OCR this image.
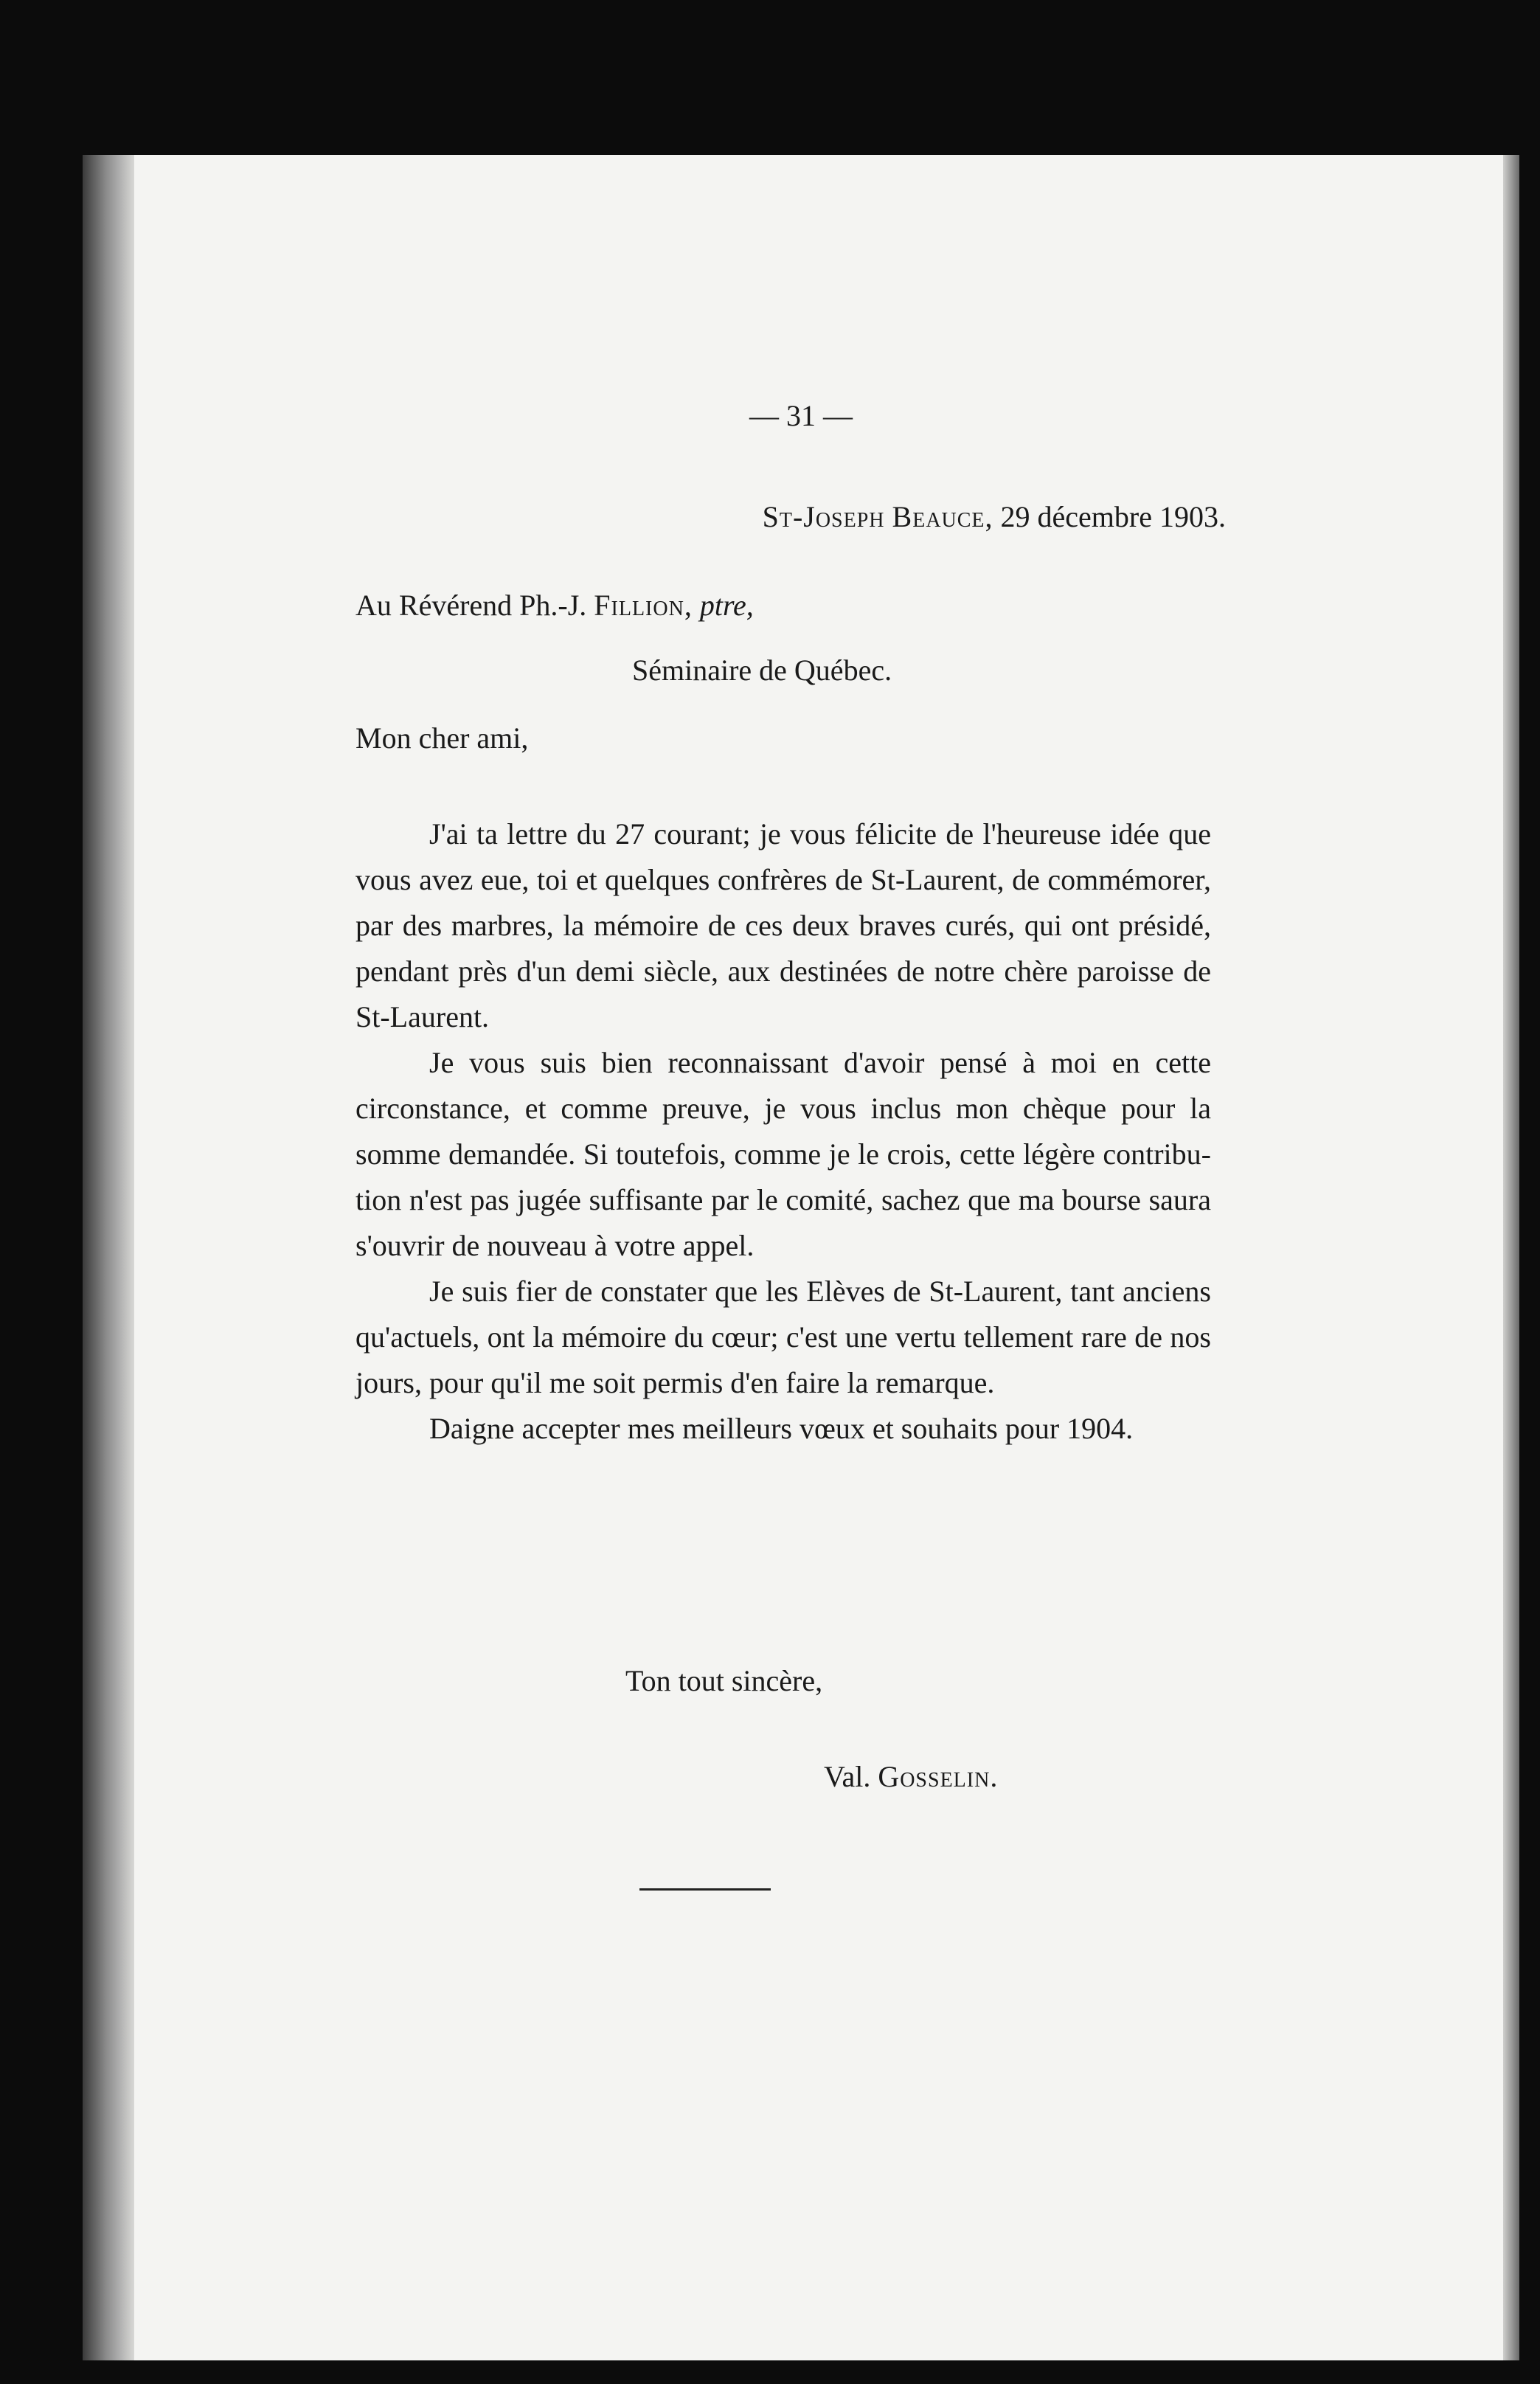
— 31 —
St-Joseph Beauce, 29 décembre 1903.
Au Révérend Ph.-J. Fillion, ptre,
Séminaire de Québec.
Mon cher ami,

J'ai ta lettre du 27 courant; je vous félicite de l'heureuse idée que vous avez eue, toi et quelques confrères de St-Laurent, de commémorer, par des marbres, la mémoire de ces deux braves curés, qui ont présidé, pendant près d'un demi siècle, aux destinées de notre chère paroisse de St-Laurent.

Je vous suis bien reconnaissant d'avoir pensé à moi en cette circonstance, et comme preuve, je vous inclus mon chèque pour la somme demandée. Si toutefois, comme je le crois, cette légère contribution n'est pas jugée suffisante par le comité, sachez que ma bourse saura s'ouvrir de nouveau à votre appel.

Je suis fier de constater que les Elèves de St-Laurent, tant anciens qu'actuels, ont la mémoire du cœur; c'est une vertu tellement rare de nos jours, pour qu'il me soit permis d'en faire la remarque.

Daigne accepter mes meilleurs vœux et souhaits pour 1904.

Ton tout sincère,
Val. Gosselin.
